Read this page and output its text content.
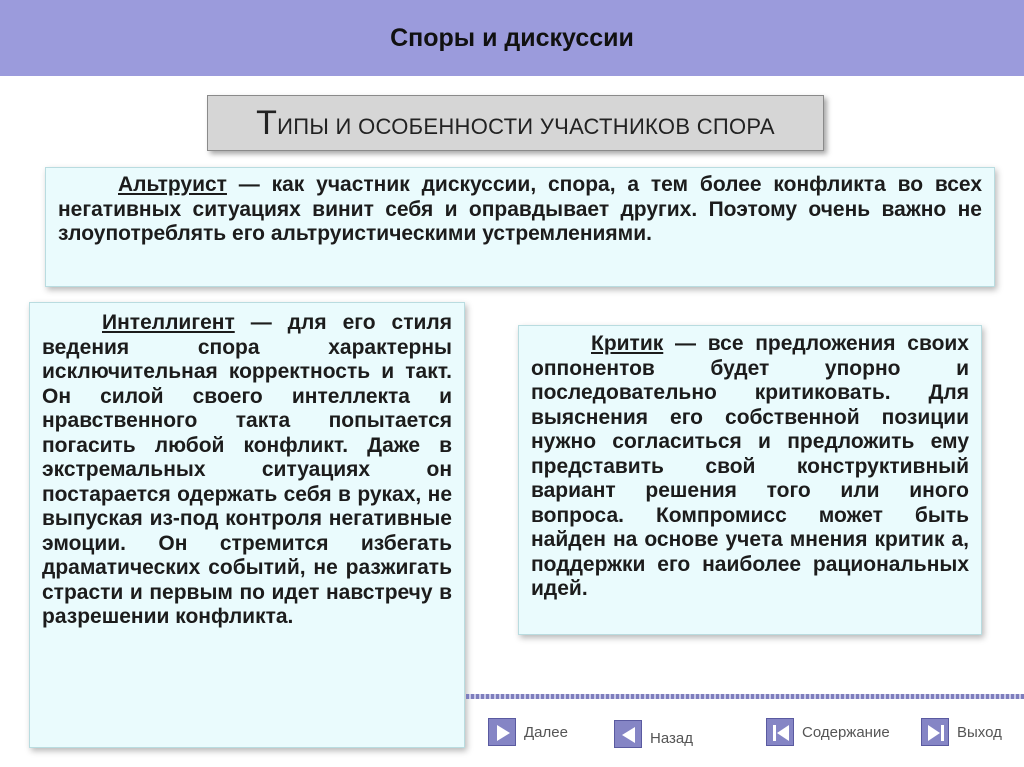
Споры и дискуссии
ТИПЫ И ОСОБЕННОСТИ УЧАСТНИКОВ СПОРА

Альтруист — как участник дискуссии, спора, а тем более конфликта во всех негативных ситуациях винит себя и оправдывает других. Поэтому очень важно не злоупотреблять его альтруистическими устремлениями.

Интеллигент — для его стиля ведения спора характерны исключительная корректность и такт. Он силой своего интеллекта и нравственного такта попытается погасить любой конфликт. Даже в экстремальных ситуациях он постарается одержать себя в руках, не выпуская из-под контроля негативные эмоции. Он стремится избегать драматических событий, не разжигать страсти и первым по идет навстречу в разрешении конфликта.

Критик — все предложения своих оппонентов будет упорно и последовательно критиковать. Для выяснения его собственной позиции нужно согласиться и предложить ему представить свой конструктивный вариант решения того или иного вопроса. Компромисс может быть найден на основе учета мнения критик а, поддержки его наиболее рациональных идей.

Далее	Назад	Содержание	Выход
